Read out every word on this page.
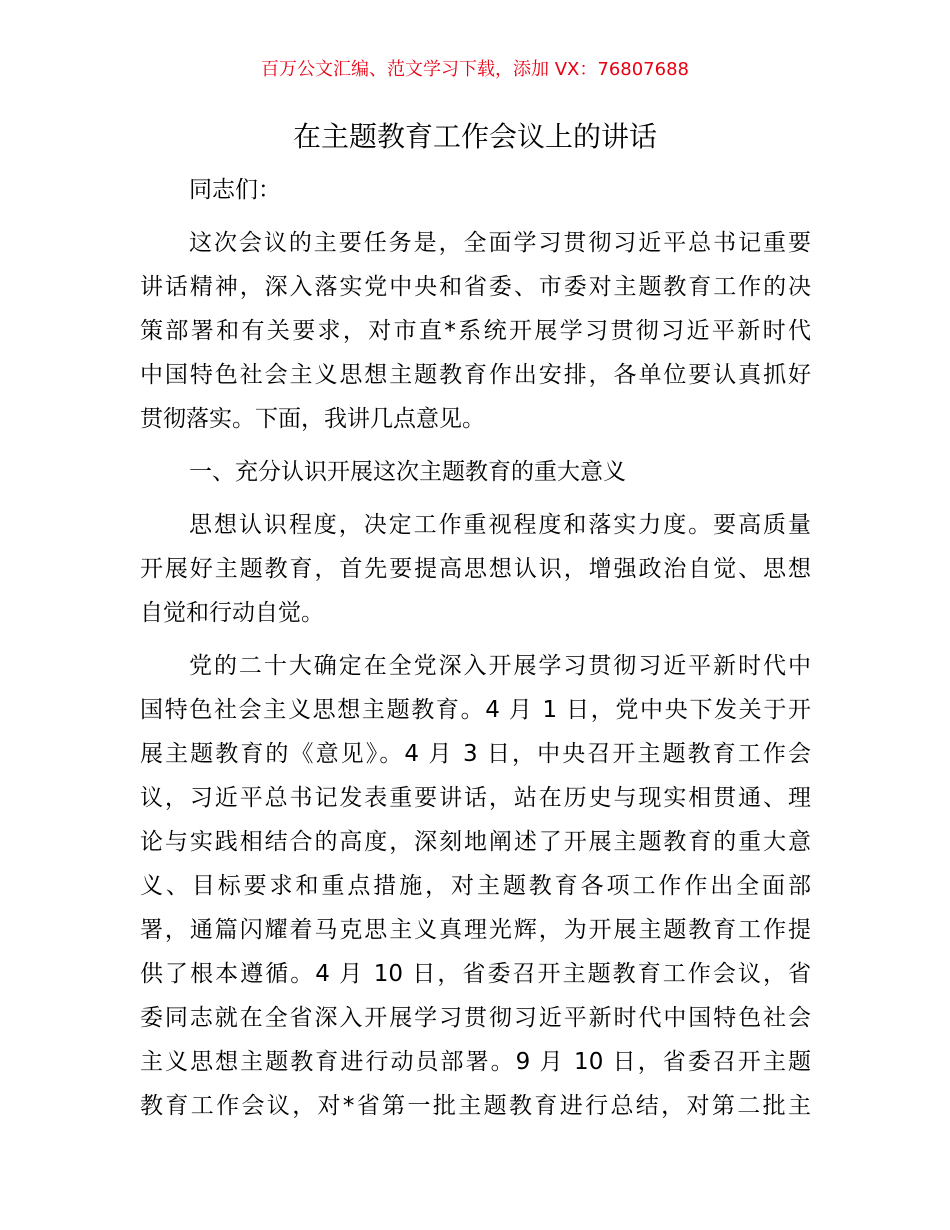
百万公文汇编、范文学习下载，添加 VX：76807688
在主题教育工作会议上的讲话
同志们：
这次会议的主要任务是，全面学习贯彻习近平总书记重要
讲话精神，深入落实党中央和省委、市委对主题教育工作的决
策部署和有关要求，对市直*系统开展学习贯彻习近平新时代
中国特色社会主义思想主题教育作出安排，各单位要认真抓好
贯彻落实。下面，我讲几点意见。
一、充分认识开展这次主题教育的重大意义
思想认识程度，决定工作重视程度和落实力度。要高质量
开展好主题教育，首先要提高思想认识，增强政治自觉、思想
自觉和行动自觉。
党的二十大确定在全党深入开展学习贯彻习近平新时代中
国特色社会主义思想主题教育。4 月 1 日，党中央下发关于开
展主题教育的《意见》。4 月 3 日，中央召开主题教育工作会
议，习近平总书记发表重要讲话，站在历史与现实相贯通、理
论与实践相结合的高度，深刻地阐述了开展主题教育的重大意
义、目标要求和重点措施，对主题教育各项工作作出全面部
署，通篇闪耀着马克思主义真理光辉，为开展主题教育工作提
供了根本遵循。4 月 10 日，省委召开主题教育工作会议，省
委同志就在全省深入开展学习贯彻习近平新时代中国特色社会
主义思想主题教育进行动员部署。9 月 10 日，省委召开主题
教育工作会议，对*省第一批主题教育进行总结，对第二批主
